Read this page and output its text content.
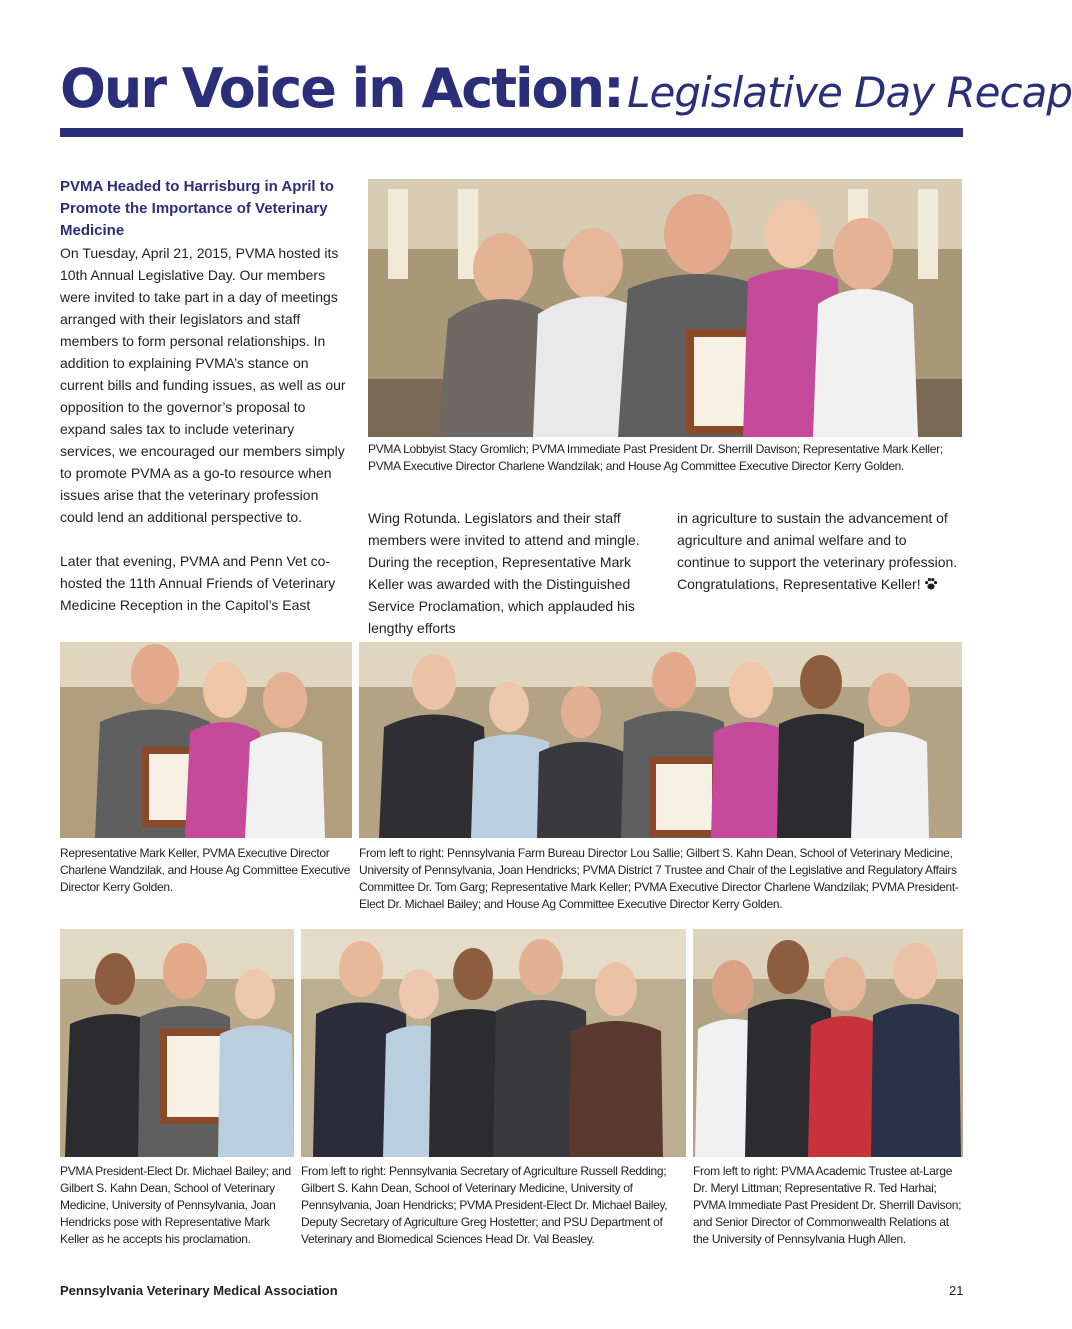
Our Voice in Action: Legislative Day Recap
PVMA Headed to Harrisburg in April to Promote the Importance of Veterinary Medicine
On Tuesday, April 21, 2015, PVMA hosted its 10th Annual Legislative Day. Our members were invited to take part in a day of meetings arranged with their legislators and staff members to form personal relationships. In addition to explaining PVMA’s stance on current bills and funding issues, as well as our opposition to the governor’s proposal to expand sales tax to include veterinary services, we encouraged our members simply to promote PVMA as a go-to resource when issues arise that the veterinary profession could lend an additional perspective to.
Later that evening, PVMA and Penn Vet co-hosted the 11th Annual Friends of Veterinary Medicine Reception in the Capitol’s East
PVMA Lobbyist Stacy Gromlich; PVMA Immediate Past President Dr. Sherrill Davison; Representative Mark Keller; PVMA Executive Director Charlene Wandzilak; and House Ag Committee Executive Director Kerry Golden.
Wing Rotunda. Legislators and their staff members were invited to attend and mingle. During the reception, Representative Mark Keller was awarded with the Distinguished Service Proclamation, which applauded his lengthy efforts
in agriculture to sustain the advancement of agriculture and animal welfare and to continue to support the veterinary profession. Congratulations, Representative Keller!
Representative Mark Keller, PVMA Executive Director Charlene Wandzilak, and House Ag Committee Executive Director Kerry Golden.
From left to right: Pennsylvania Farm Bureau Director Lou Sallie; Gilbert S. Kahn Dean, School of Veterinary Medicine, University of Pennsylvania, Joan Hendricks; PVMA District 7 Trustee and Chair of the Legislative and Regulatory Affairs Committee Dr. Tom Garg; Representative Mark Keller; PVMA Executive Director Charlene Wandzilak; PVMA President-Elect Dr. Michael Bailey; and House Ag Committee Executive Director Kerry Golden.
PVMA President-Elect Dr. Michael Bailey; and Gilbert S. Kahn Dean, School of Veterinary Medicine, University of Pennsylvania, Joan Hendricks pose with Representative Mark Keller as he accepts his proclamation.
From left to right: Pennsylvania Secretary of Agriculture Russell Redding; Gilbert S. Kahn Dean, School of Veterinary Medicine, University of Pennsylvania, Joan Hendricks; PVMA President-Elect Dr. Michael Bailey, Deputy Secretary of Agriculture Greg Hostetter; and PSU Department of Veterinary and Biomedical Sciences Head Dr. Val Beasley.
From left to right: PVMA Academic Trustee at-Large Dr. Meryl Littman; Representative R. Ted Harhai; PVMA Immediate Past President Dr. Sherrill Davison; and Senior Director of Commonwealth Relations at the University of Pennsylvania Hugh Allen.
Pennsylvania Veterinary Medical Association	21
